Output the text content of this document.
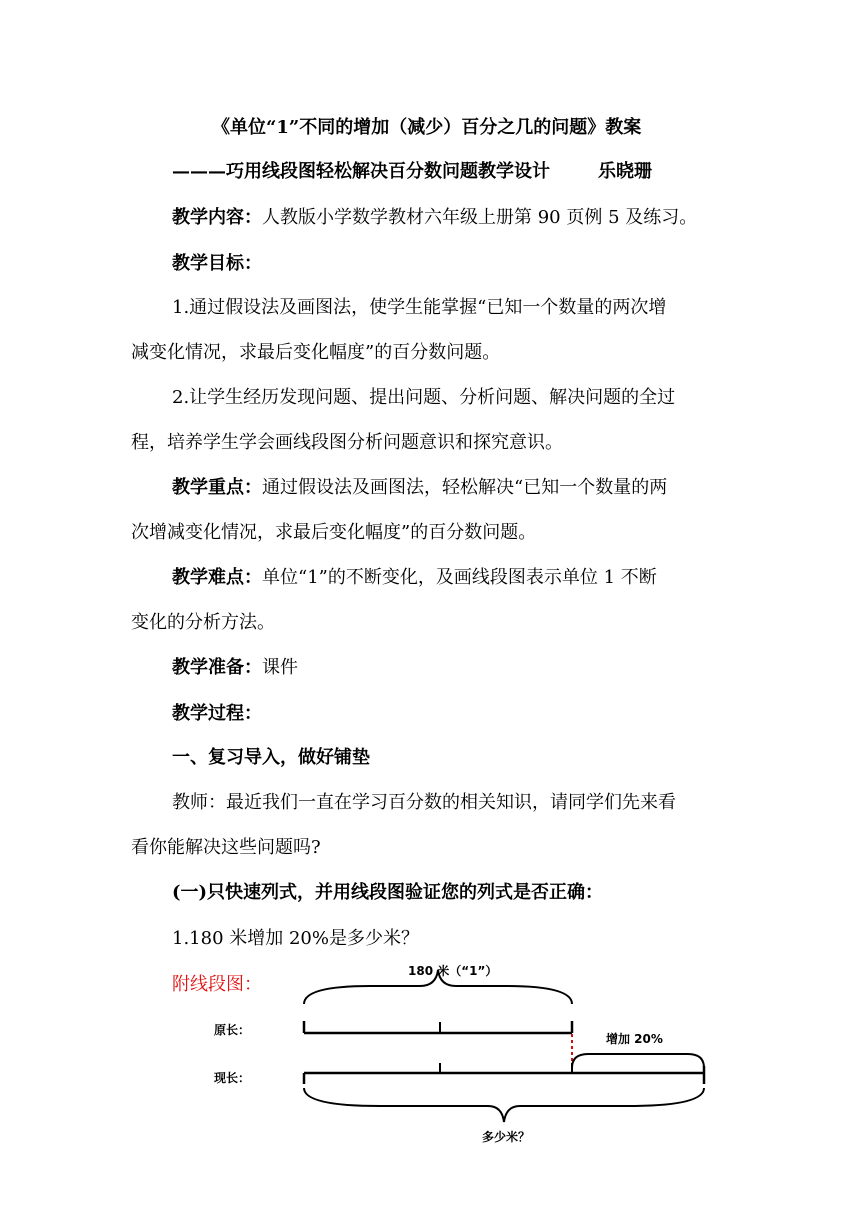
《单位“1”不同的增加（减少）百分之几的问题》教案
———巧用线段图轻松解决百分数问题教学设计	乐晓珊
教学内容：人教版小学数学教材六年级上册第 90 页例 5 及练习。
教学目标：
1.通过假设法及画图法，使学生能掌握“已知一个数量的两次增
减变化情况，求最后变化幅度”的百分数问题。
2.让学生经历发现问题、提出问题、分析问题、解决问题的全过
程，培养学生学会画线段图分析问题意识和探究意识。
教学重点：通过假设法及画图法，轻松解决“已知一个数量的两
次增减变化情况，求最后变化幅度”的百分数问题。
教学难点：单位“1”的不断变化，及画线段图表示单位 1 不断
变化的分析方法。
教学准备：课件
教学过程：
一、复习导入，做好铺垫
教师：最近我们一直在学习百分数的相关知识，请同学们先来看
看你能解决这些问题吗?
(一)只快速列式，并用线段图验证您的列式是否正确：
1.180 米增加 20%是多少米？
附线段图：
180 米（“1”）
原长：
增加 20%
现长：
多少米？
